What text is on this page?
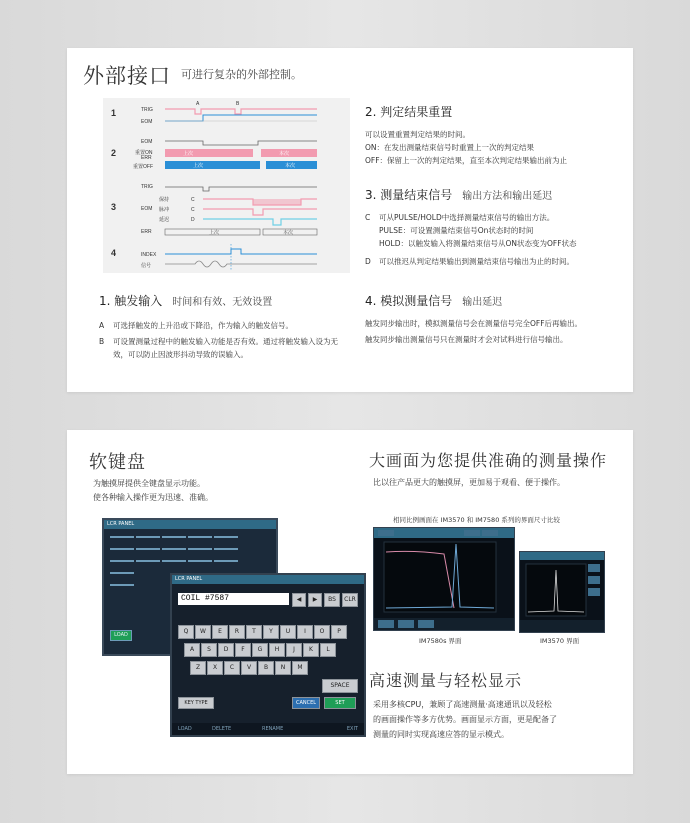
外部接口 可进行复杂的外部控制。
1
2
3
4
TRIG
EOM
EOM
重置ON
ERR
重置OFF
TRIG
EOM
保持
脉冲
延迟
ERR
INDEX
信号
A	B
C
C
D
上次	本次
上次	本次
上次	本次
1. 触发输入 时间和有效、无效设置
A	可选择触发的上升沿或下降沿，作为输入的触发信号。
B	可设置测量过程中的触发输入功能是否有效。通过将触发输入设为无效，可以防止因波形抖动导致的误输入。
2. 判定结果重置
可以设置重置判定结果的时间。
ON：在发出测量结束信号时重置上一次的判定结果
OFF：保留上一次的判定结果，直至本次判定结果输出前为止
3. 测量结束信号 输出方法和输出延迟
C	可从PULSE/HOLD中选择测量结束信号的输出方法。
PULSE：可设置测量结束信号On状态时的时间
HOLD：以触发输入将测量结束信号从ON状态变为OFF状态
D	可以推迟从判定结果输出到测量结束信号输出为止的时间。
4. 模拟测量信号 输出延迟
触发同步输出时，模拟测量信号会在测量信号完全OFF后再输出。
触发同步输出测量信号只在测量时才会对试料进行信号输出。
软键盘
为触摸屏提供全键盘显示功能。
使各种输入操作更为迅速、准确。
LCR PANEL
LOAD
LCR PANEL
COIL #7587	◀	▶	BS	CLR
Q	W	E	R	T	Y	U	I	O	P
A	S	D	F	G	H	J	K	L
Z	X	C	V	B	N	M
SPACE
KEY TYPE	CANCEL	SET
LOAD	DELETE	RENAME	EXIT
大画面为您提供准确的测量操作
比以往产品更大的触摸屏，更加易于观看、便于操作。
相同比例画面在 IM3570 和 IM7580 系列的界面尺寸比较
IM7580s 界面	IM3570 界面
高速测量与轻松显示
采用多核CPU，兼顾了高速测量·高速通讯以及轻松
的画面操作等多方优势。画面显示方面，更是配备了
测量的同时实现高速应答的显示模式。
